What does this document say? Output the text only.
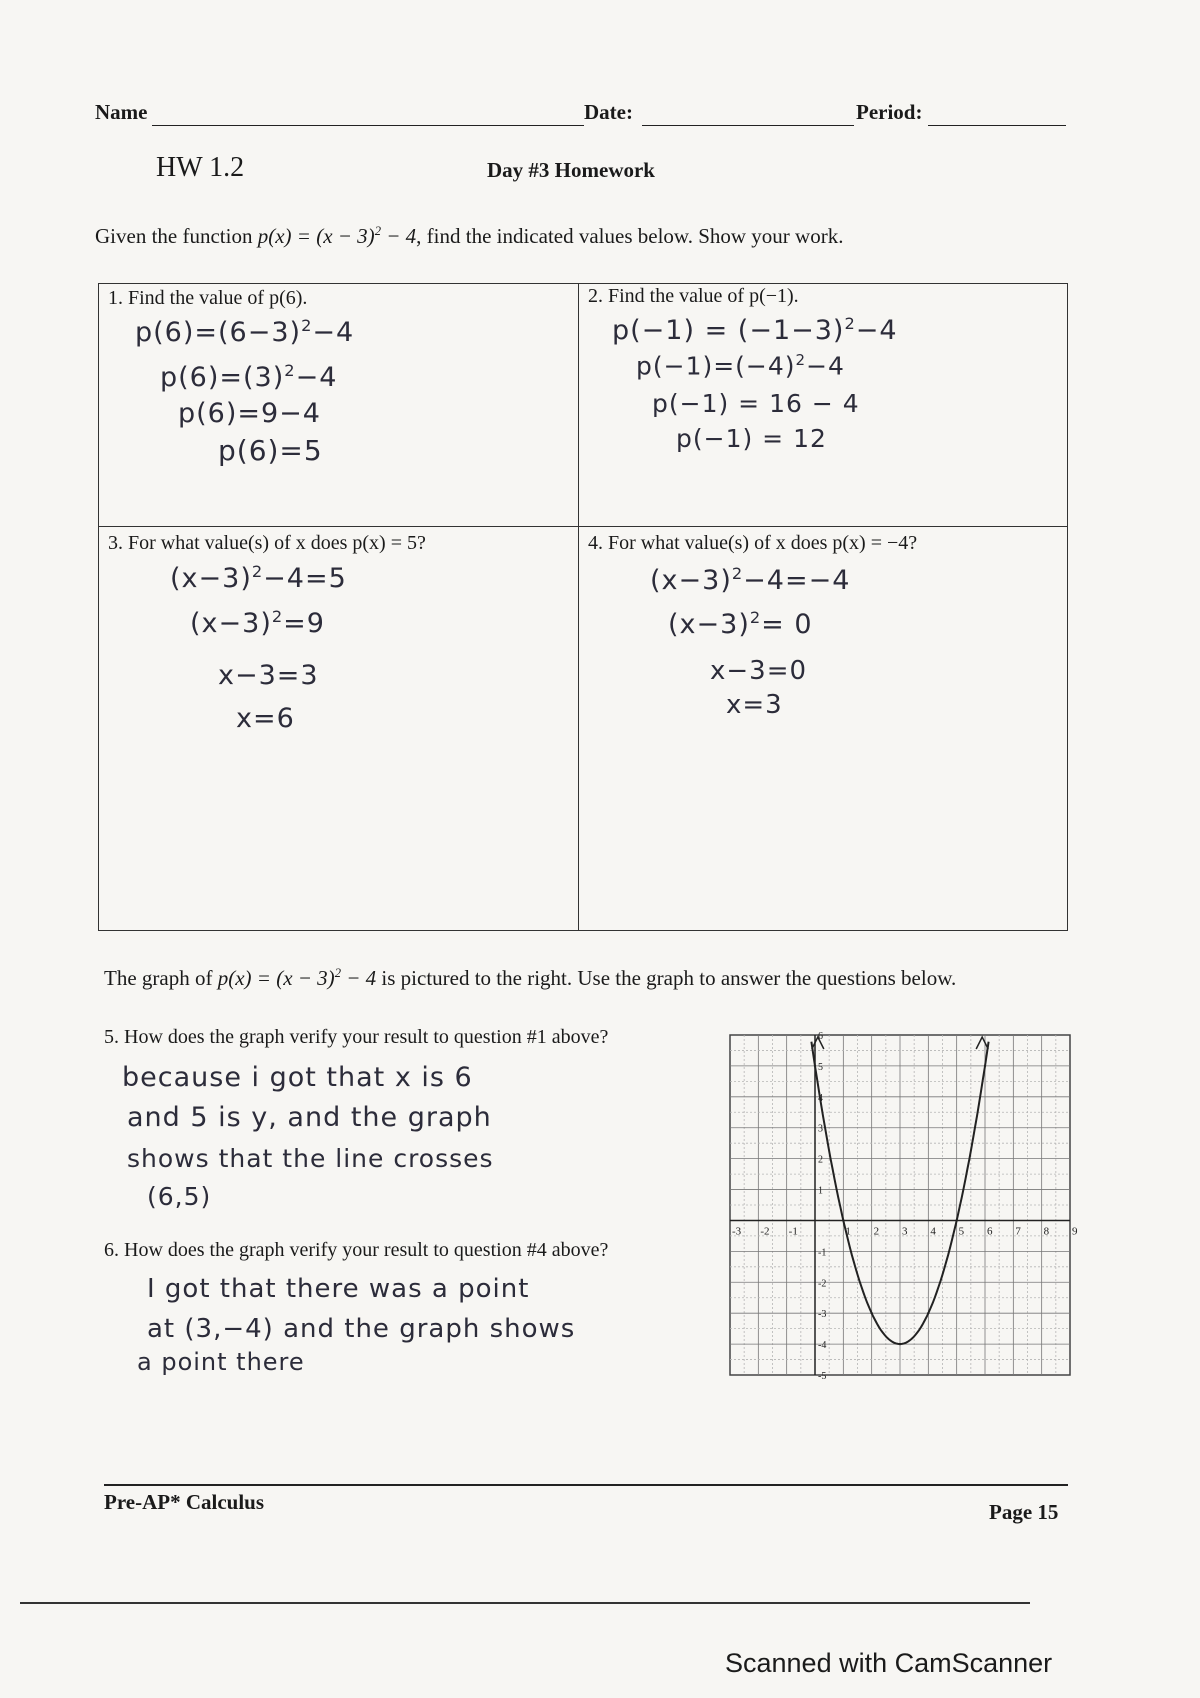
Name	Date:	Period:
HW 1.2	Day #3 Homework
Given the function $p(x) = (x - 3)^2 - 4$, find the indicated values below. Show your work.
1. Find the value of p(6).
$p(6)=(6-3)^2-4$
$p(6)=(3)^2-4$
p(6)=9−4
p(6)=5
2. Find the value of p(−1).
$p(-1) = (-1-3)^2-4$
$p(-1)=(-4)^2-4$
p(−1) = 16 − 4
p(−1) = 12
3. For what value(s) of x does p(x) = 5?
$(x-3)^2-4=5$
$(x-3)^2=9$
x−3=3
x=6
4. For what value(s) of x does p(x) = −4?
$(x-3)^2-4=-4$
$(x-3)^2= 0$
x−3=0
x=3
The graph of $p(x) = (x - 3)^2 - 4$ is pictured to the right. Use the graph to answer the questions below.
5. How does the graph verify your result to question #1 above?
because i got that x is 6
and 5 is y, and the graph
shows that the line crosses
(6,5)
6. How does the graph verify your result to question #4 above?
I got that there was a point
at (3,−4) and the graph shows
a point there
-3 -2 -1	1 2 3 4 5 6 7 8 9
6
5
4
3
2
1
-1
-2
-3
-4
-5
Pre-AP* Calculus	Page 15
Scanned with CamScanner
